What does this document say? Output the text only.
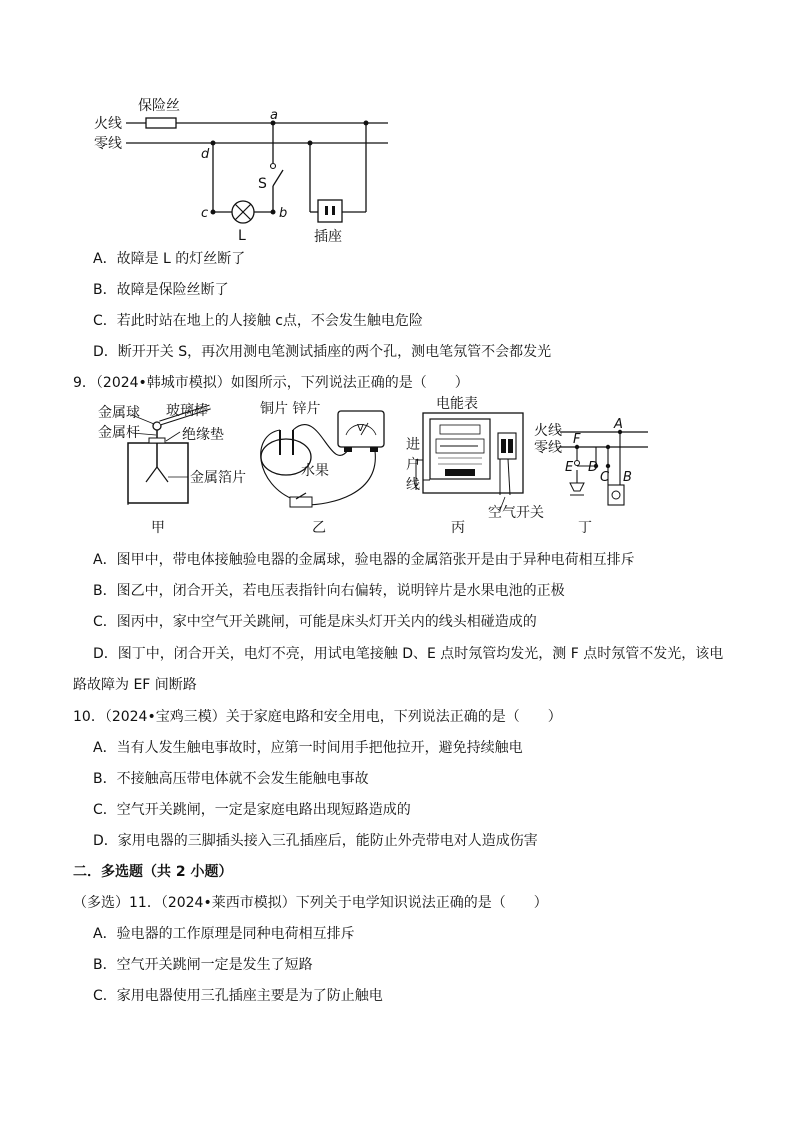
火线
零线
保险丝
d
c
L
b
a
S
插座
A．故障是 L 的灯丝断了
B．故障是保险丝断了
C．若此时站在地上的人接触 c点，不会发生触电危险
D．断开开关 S，再次用测电笔测试插座的两个孔，测电笔氖管不会都发光
9．（2024•韩城市模拟）如图所示，下列说法正确的是（　　）
金属球
金属杆
玻璃棒
绝缘垫
金属箔片
甲
V
铜片 锌片
水果
乙
电能表
进
户
线
空气开关
丙
火线
零线
A
F
E D
C B
丁
A．图甲中，带电体接触验电器的金属球，验电器的金属箔张开是由于异种电荷相互排斥
B．图乙中，闭合开关，若电压表指针向右偏转，说明锌片是水果电池的正极
C．图丙中，家中空气开关跳闸，可能是床头灯开关内的线头相碰造成的
D．图丁中，闭合开关，电灯不亮，用试电笔接触 D、E 点时氖管均发光，测 F 点时氖管不发光，该电
路故障为 EF 间断路
10．（2024•宝鸡三模）关于家庭电路和安全用电，下列说法正确的是（　　）
A．当有人发生触电事故时，应第一时间用手把他拉开，避免持续触电
B．不接触高压带电体就不会发生能触电事故
C．空气开关跳闸，一定是家庭电路出现短路造成的
D．家用电器的三脚插头接入三孔插座后，能防止外壳带电对人造成伤害
二．多选题（共 2 小题）
（多选）11．（2024•莱西市模拟）下列关于电学知识说法正确的是（　　）
A．验电器的工作原理是同种电荷相互排斥
B．空气开关跳闸一定是发生了短路
C．家用电器使用三孔插座主要是为了防止触电
